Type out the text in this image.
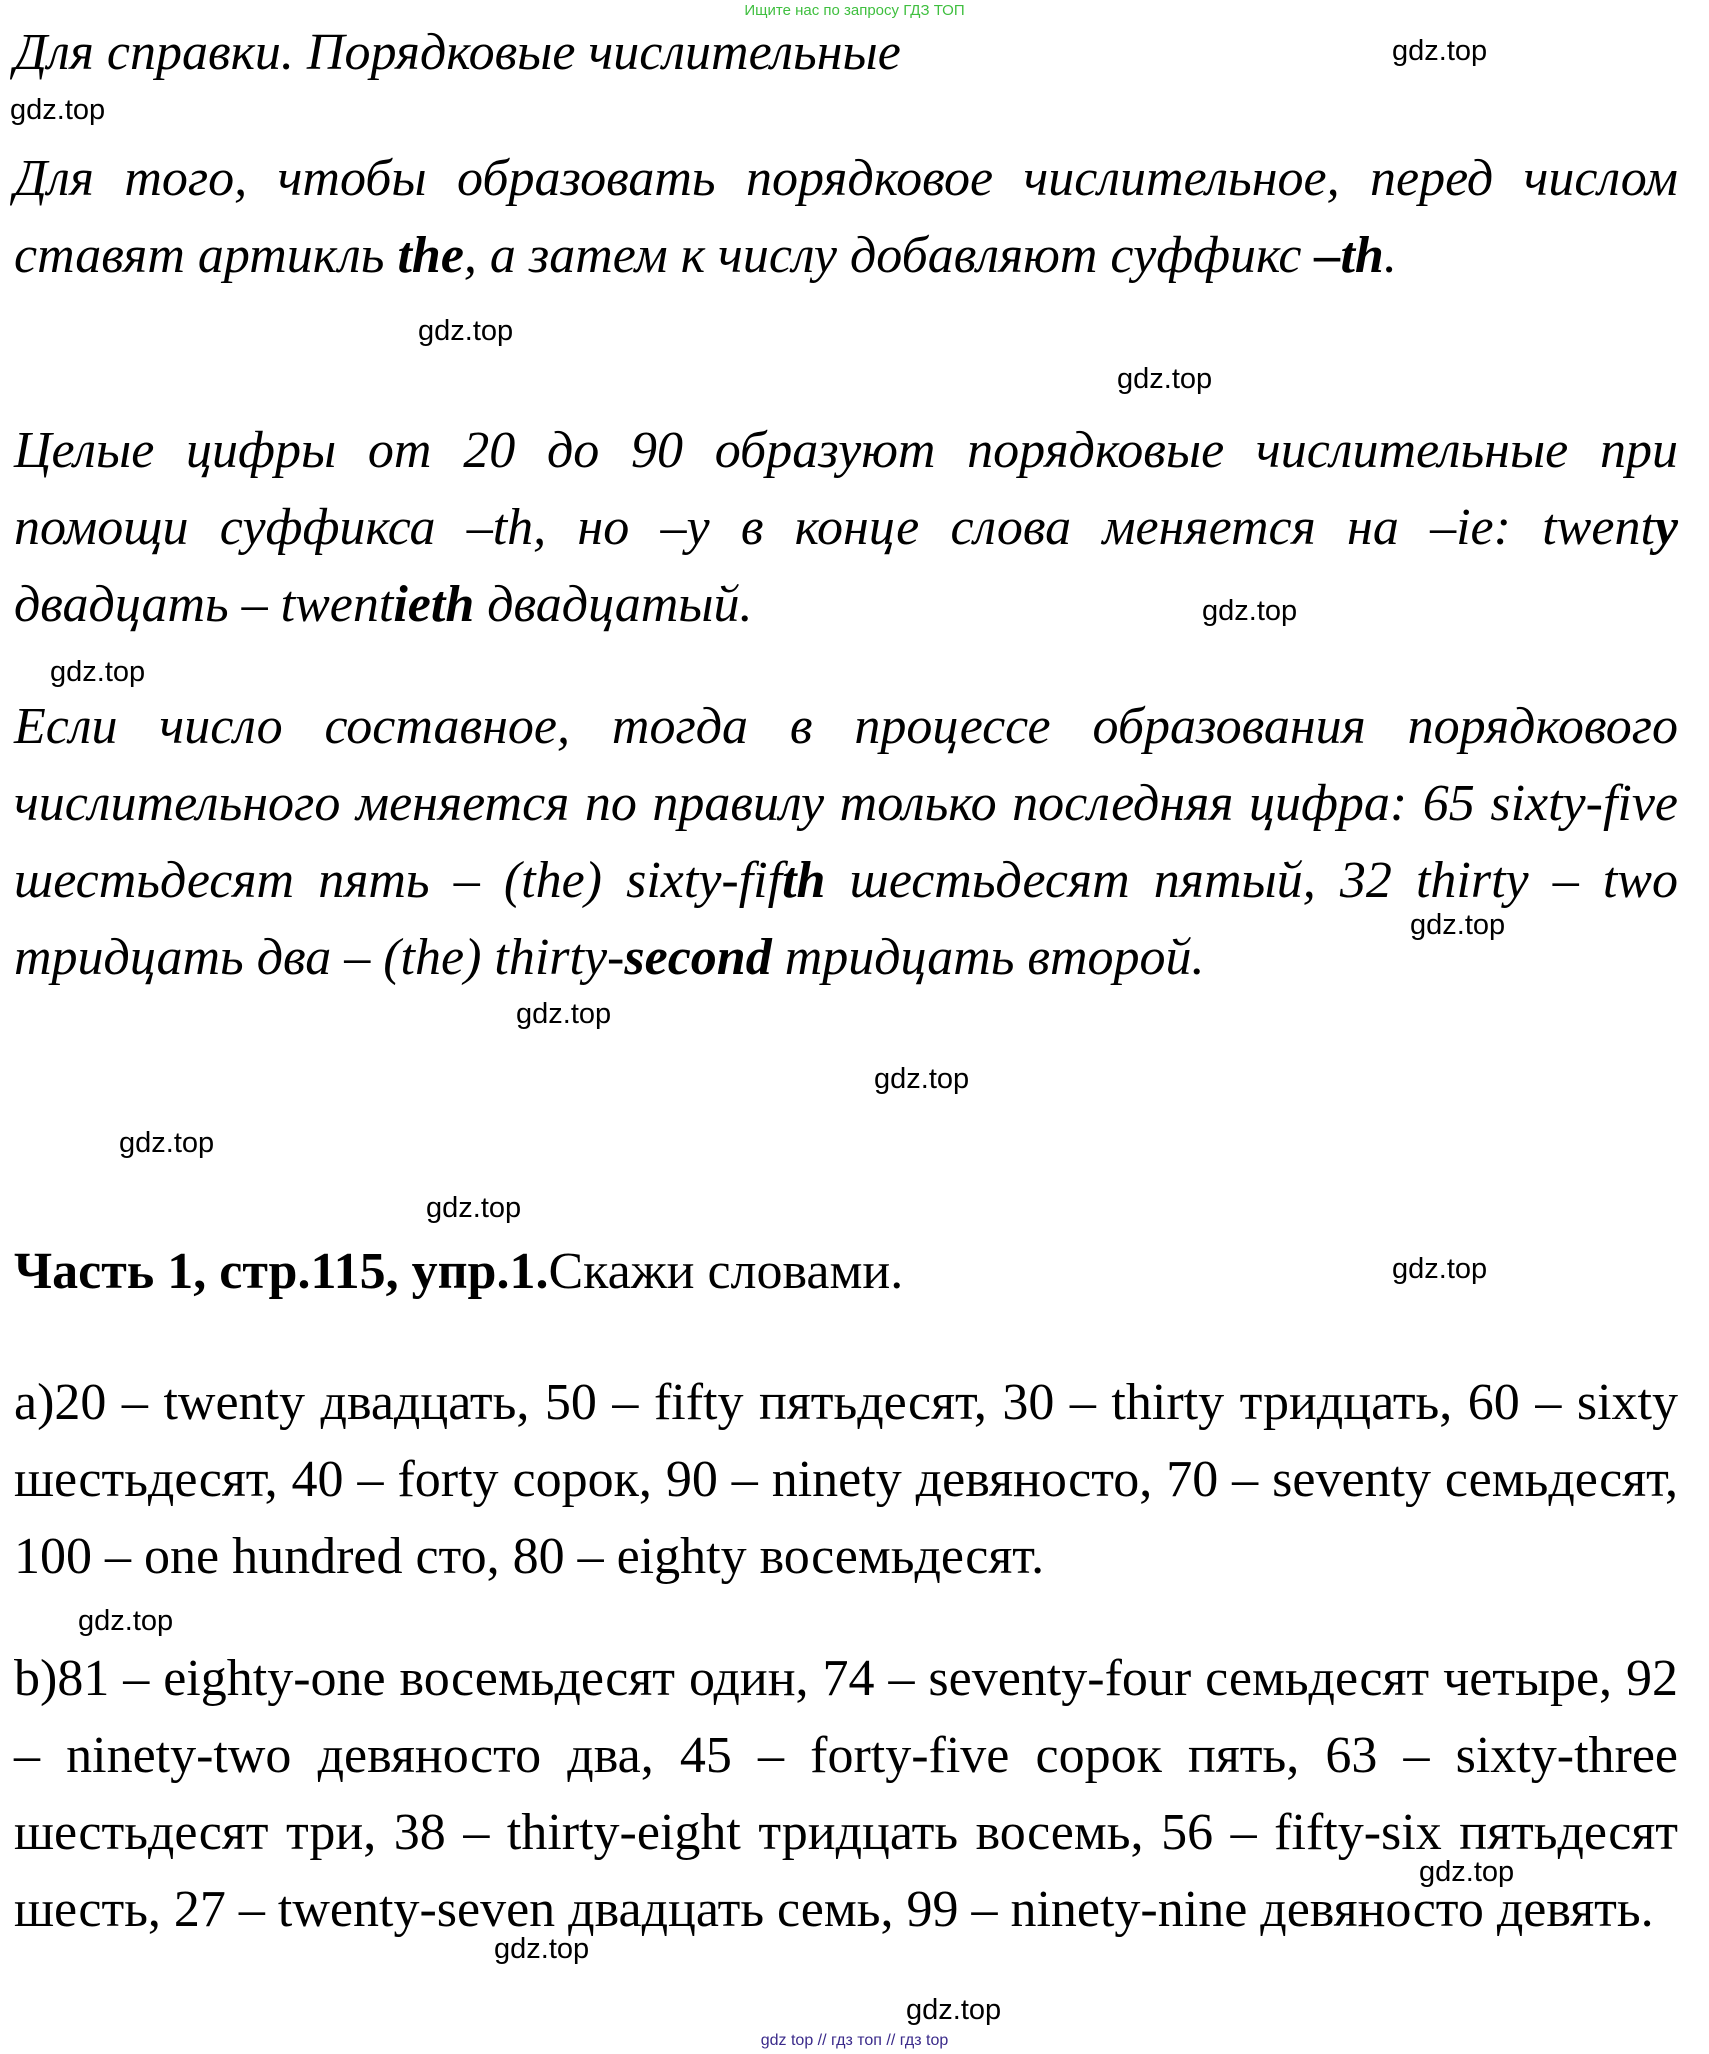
Ищите нас по запросу ГДЗ ТОП

Для справки. Порядковые числительные

Для того, чтобы образовать порядковое числительное, перед числом ставят артикль the, а затем к числу добавляют суффикс –th.

Целые цифры от 20 до 90 образуют порядковые числительные при помощи суффикса –th, но –y в конце слова меняется на –ie: twenty двадцать – twentieth двадцатый.

Если число составное, тогда в процессе образования порядкового числительного меняется по правилу только последняя цифра: 65 sixty-five шестьдесят пять – (the) sixty-fifth шестьдесят пятый, 32 thirty – two тридцать два – (the) thirty-second тридцать второй.

Часть 1, стр.115, упр.1.Скажи словами.

a)20 – twenty двадцать, 50 – fifty пятьдесят, 30 – thirty тридцать, 60 – sixty шестьдесят, 40 – forty сорок, 90 – ninety девяносто, 70 – seventy семьдесят, 100 – one hundred сто, 80 – eighty восемьдесят.

b)81 – eighty-one восемьдесят один, 74 – seventy-four семьдесят четыре, 92 – ninety-two девяносто два, 45 – forty-five сорок пять, 63 – sixty-three шестьдесят три, 38 – thirty-eight тридцать восемь, 56 – fifty-six пятьдесят шесть, 27 – twenty-seven двадцать семь, 99 – ninety-nine девяносто девять.

gdz.top
gdz.top
gdz.top
gdz.top
gdz.top
gdz.top
gdz.top
gdz.top
gdz.top
gdz.top
gdz.top
gdz.top
gdz.top
gdz.top
gdz.top
gdz.top
gdz top // гдз топ // гдз top
